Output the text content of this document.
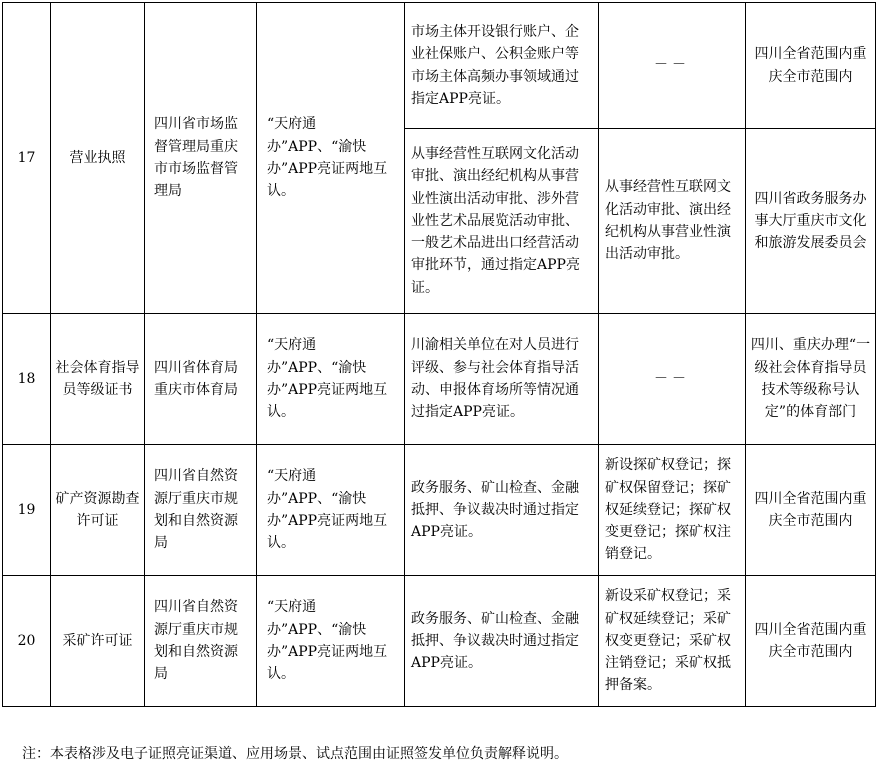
17	营业执照	四川省市场监督管理局重庆市市场监督管理局	“天府通办”APP、“渝快办”APP亮证两地互认。	市场主体开设银行账户、企业社保账户、公积金账户等市场主体高频办事领域通过指定APP亮证。	－－	四川全省范围内重庆全市范围内
				从事经营性互联网文化活动审批、演出经纪机构从事营业性演出活动审批、涉外营业性艺术品展览活动审批、一般艺术品进出口经营活动审批环节，通过指定APP亮证。	从事经营性互联网文化活动审批、演出经纪机构从事营业性演出活动审批。	四川省政务服务办事大厅重庆市文化和旅游发展委员会
18	社会体育指导员等级证书	四川省体育局重庆市体育局	“天府通办”APP、“渝快办”APP亮证两地互认。	川渝相关单位在对人员进行评级、参与社会体育指导活动、申报体育场所等情况通过指定APP亮证。	－－	四川、重庆办理“一级社会体育指导员技术等级称号认定”的体育部门
19	矿产资源勘查许可证	四川省自然资源厅重庆市规划和自然资源局	“天府通办”APP、“渝快办”APP亮证两地互认。	政务服务、矿山检查、金融抵押、争议裁决时通过指定APP亮证。	新设探矿权登记；探矿权保留登记；探矿权延续登记；探矿权变更登记；探矿权注销登记。	四川全省范围内重庆全市范围内
20	采矿许可证	四川省自然资源厅重庆市规划和自然资源局	“天府通办”APP、“渝快办”APP亮证两地互认。	政务服务、矿山检查、金融抵押、争议裁决时通过指定APP亮证。	新设采矿权登记；采矿权延续登记；采矿权变更登记；采矿权注销登记；采矿权抵押备案。	四川全省范围内重庆全市范围内
注：本表格涉及电子证照亮证渠道、应用场景、试点范围由证照签发单位负责解释说明。
